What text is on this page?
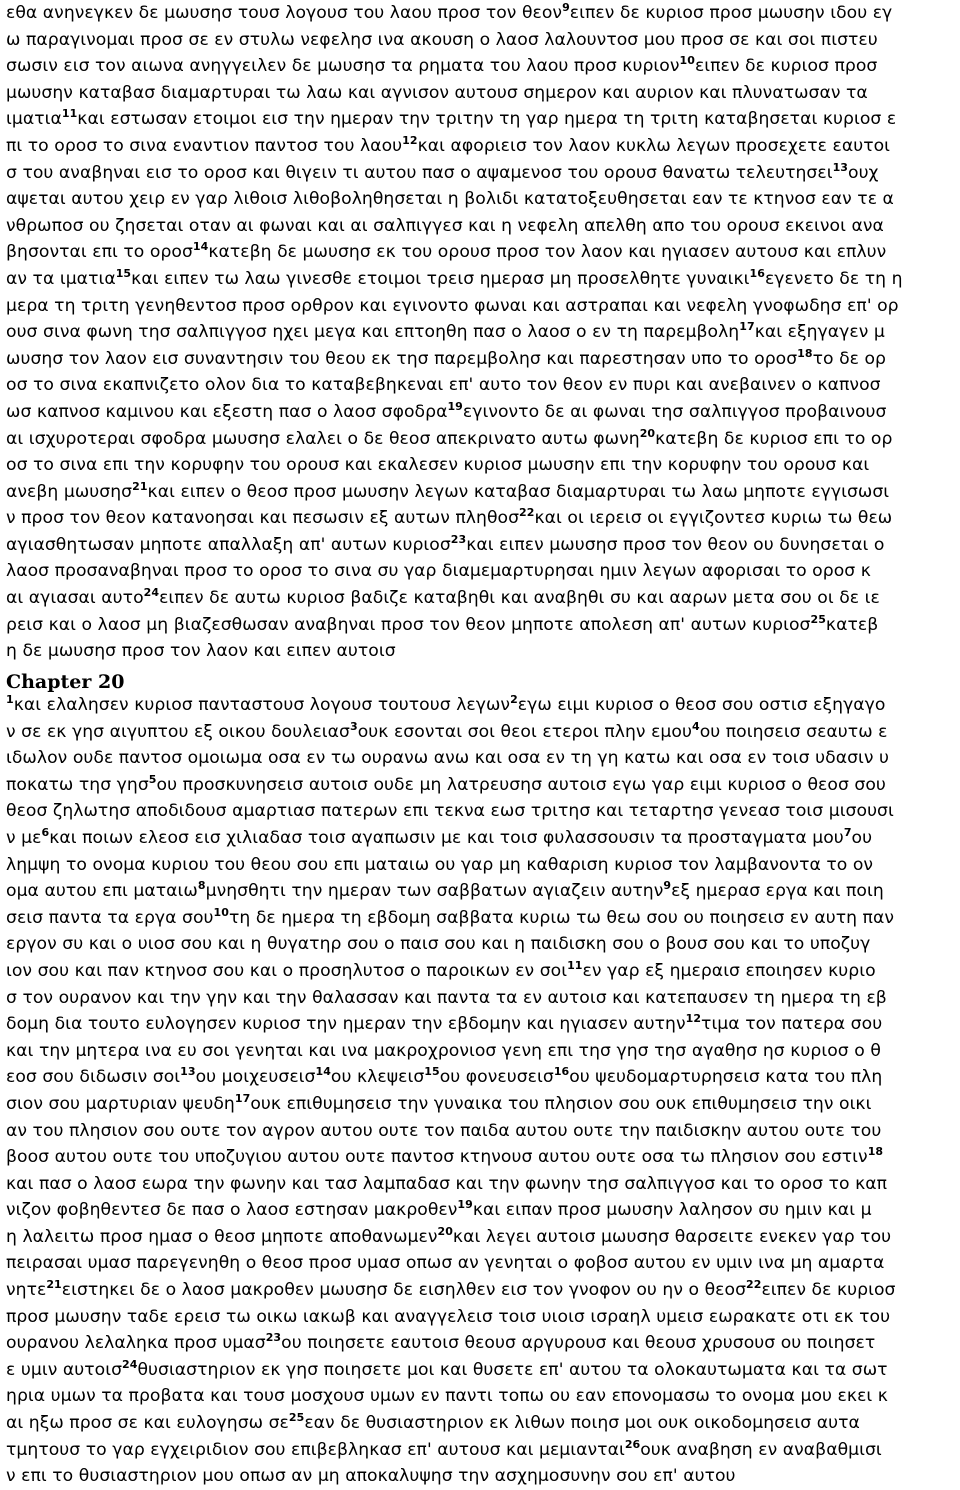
εθα ανηνεγκεν δε μωυσησ τουσ λογουσ του λαου προσ τον θεον$^9$ειπεν δε κυριοσ προσ μωυσην ιδου εγ
ω παραγινομαι προσ σε εν στυλω νεφελησ ινα ακουση ο λαοσ λαλουντοσ μου προσ σε και σοι πιστευ
σωσιν εισ τον αιωνα ανηγγειλεν δε μωυσησ τα ρηματα του λαου προσ κυριον$^{10}$ειπεν δε κυριοσ προσ
μωυσην καταβασ διαμαρτυραι τω λαω και αγνισον αυτουσ σημερον και αυριον και πλυνατωσαν τα
ιματια$^{11}$και εστωσαν ετοιμοι εισ την ημεραν την τριτην τη γαρ ημερα τη τριτη καταβησεται κυριοσ ε
πι το οροσ το σινα εναντιον παντοσ του λαου$^{12}$και αφοριεισ τον λαον κυκλω λεγων προσεχετε εαυτοι
σ του αναβηναι εισ το οροσ και θιγειν τι αυτου πασ ο αψαμενοσ του ορουσ θανατω τελευτησει$^{13}$ουχ
αψεται αυτου χειρ εν γαρ λιθοισ λιθοβοληθησεται η βολιδι κατατοξευθησεται εαν τε κτηνοσ εαν τε α
νθρωποσ ου ζησεται οταν αι φωναι και αι σαλπιγγεσ και η νεφελη απελθη απο του ορουσ εκεινοι ανα
βησονται επι το οροσ$^{14}$κατεβη δε μωυσησ εκ του ορουσ προσ τον λαον και ηγιασεν αυτουσ και επλυν
αν τα ιματια$^{15}$και ειπεν τω λαω γινεσθε ετοιμοι τρεισ ημερασ μη προσελθητε γυναικι$^{16}$εγενετο δε τη η
μερα τη τριτη γενηθεντοσ προσ ορθρον και εγινοντο φωναι και αστραπαι και νεφελη γνοφωδησ επ' ορ
ουσ σινα φωνη τησ σαλπιγγοσ ηχει μεγα και επτοηθη πασ ο λαοσ ο εν τη παρεμβολη$^{17}$και εξηγαγεν μ
ωυσησ τον λαον εισ συναντησιν του θεου εκ τησ παρεμβολησ και παρεστησαν υπο το οροσ$^{18}$το δε ορ
οσ το σινα εκαπνιζετο ολον δια το καταβεβηκεναι επ' αυτο τον θεον εν πυρι και ανεβαινεν ο καπνοσ
ωσ καπνοσ καμινου και εξεστη πασ ο λαοσ σφοδρα$^{19}$εγινοντο δε αι φωναι τησ σαλπιγγοσ προβαινουσ
αι ισχυροτεραι σφοδρα μωυσησ ελαλει ο δε θεοσ απεκρινατο αυτω φωνη$^{20}$κατεβη δε κυριοσ επι το ορ
οσ το σινα επι την κορυφην του ορουσ και εκαλεσεν κυριοσ μωυσην επι την κορυφην του ορουσ και
ανεβη μωυσησ$^{21}$και ειπεν ο θεοσ προσ μωυσην λεγων καταβασ διαμαρτυραι τω λαω μηποτε εγγισωσι
ν προσ τον θεον κατανοησαι και πεσωσιν εξ αυτων πληθοσ$^{22}$και οι ιερεισ οι εγγιζοντεσ κυριω τω θεω
αγιασθητωσαν μηποτε απαλλαξη απ' αυτων κυριοσ$^{23}$και ειπεν μωυσησ προσ τον θεον ου δυνησεται ο
λαοσ προσαναβηναι προσ το οροσ το σινα συ γαρ διαμεμαρτυρησαι ημιν λεγων αφορισαι το οροσ κ
αι αγιασαι αυτο$^{24}$ειπεν δε αυτω κυριοσ βαδιζε καταβηθι και αναβηθι συ και ααρων μετα σου οι δε ιε
ρεισ και ο λαοσ μη βιαζεσθωσαν αναβηναι προσ τον θεον μηποτε απολεση απ' αυτων κυριοσ$^{25}$κατεβ
η δε μωυσησ προσ τον λαον και ειπεν αυτοισ
Chapter 20
$^1$και ελαλησεν κυριοσ πανταστουσ λογουσ τουτουσ λεγων$^2$εγω ειμι κυριοσ ο θεοσ σου οστισ εξηγαγο
ν σε εκ γησ αιγυπτου εξ οικου δουλειασ$^3$ουκ εσονται σοι θεοι ετεροι πλην εμου$^4$ου ποιησεισ σεαυτω ε
ιδωλον ουδε παντοσ ομοιωμα οσα εν τω ουρανω ανω και οσα εν τη γη κατω και οσα εν τοισ υδασιν υ
ποκατω τησ γησ$^5$ου προσκυνησεισ αυτοισ ουδε μη λατρευσησ αυτοισ εγω γαρ ειμι κυριοσ ο θεοσ σου
θεοσ ζηλωτησ αποδιδουσ αμαρτιασ πατερων επι τεκνα εωσ τριτησ και τεταρτησ γενεασ τοισ μισουσι
ν $\mu\varepsilon^6\kappa\alpha\iota$ ποιων ελεοσ εισ χιλιαδασ τοισ αγαπωσιν με και τοισ φυλασσουσιν τα προσταγματα μου$^7$ου
λημψη το ονομα κυριου του θεου σου επι ματαιω ου γαρ μη καθαριση κυριοσ τον λαμβανοντα το ον
ομα αυτου επι ματαιω$^8$μνησθητι την ημεραν των σαββατων αγιαζειν αυτην$^9$εξ ημερασ εργα και ποιη
σεισ παντα τα εργα σου$^{10}$τη δε ημερα τη εβδομη σαββατα κυριω τω θεω σου ου ποιησεισ εν αυτη παν
εργον συ και ο υιοσ σου και η θυγατηρ σου ο παισ σου και η παιδισκη σου ο βουσ σου και το υποζυγ
ιον σου και παν κτηνοσ σου και ο προσηλυτοσ ο παροικων εν σοι$^{11}$εν γαρ εξ ημεραισ εποιησεν κυριο
σ τον ουρανον και την γην και την θαλασσαν και παντα τα εν αυτοισ και κατεπαυσεν τη ημερα τη εβ
δομη δια τουτο ευλογησεν κυριοσ την ημεραν την εβδομην και ηγιασεν αυτην$^{12}$τιμα τον πατερα σου
και την μητερα ινα ευ σοι γενηται και ινα μακροχρονιοσ γενη επι τησ γησ τησ αγαθησ ησ κυριοσ ο θ
εοσ σου διδωσιν σοι$^{13}$ου μοιχευσεισ$^{14}$ου κλεψεισ$^{15}$ου φονευσεισ$^{16}$ου ψευδομαρτυρησεισ κατα του πλη
σιον σου μαρτυριαν ψευδη$^{17}$ουκ επιθυμησεισ την γυναικα του πλησιον σου ουκ επιθυμησεισ την οικι
αν του πλησιον σου ουτε τον αγρον αυτου ουτε τον παιδα αυτου ουτε την παιδισκην αυτου ουτε του
βοοσ αυτου ουτε του υποζυγιου αυτου ουτε παντοσ κτηνουσ αυτου ουτε οσα τω πλησιον σου εστιν$^{18}$
και πασ ο λαοσ εωρα την φωνην και τασ λαμπαδασ και την φωνην τησ σαλπιγγοσ και το οροσ το καπ
νιζον φοβηθεντεσ δε πασ ο λαοσ εστησαν μακροθεν$^{19}$και ειπαν προσ μωυσην λαλησον συ ημιν και μ
η λαλειτω προσ ημασ ο θεοσ μηποτε αποθανωμεν$^{20}$και λεγει αυτοισ μωυσησ θαρσειτε ενεκεν γαρ του
πειρασαι υμασ παρεγενηθη ο θεοσ προσ υμασ οπωσ αν γενηται ο φοβοσ αυτου εν υμιν ινα μη αμαρτα
νητε$^{21}$ειστηκει δε ο λαοσ μακροθεν μωυσησ δε εισηλθεν εισ τον γνοφον ου ην ο θεοσ$^{22}$ειπεν δε κυριοσ
προσ μωυσην ταδε ερεισ τω οικω ιακωβ και αναγγελεισ τοισ υιοισ ισραηλ υμεισ εωρακατε οτι εκ του
ουρανου λελαληκα προσ υμασ$^{23}$ου ποιησετε εαυτοισ θεουσ αργυρουσ και θεουσ χρυσουσ ου ποιησετ
ε υμιν αυτοισ$^{24}$θυσιαστηριον εκ γησ ποιησετε μοι και θυσετε επ' αυτου τα ολοκαυτωματα και τα σωτ
ηρια υμων τα προβατα και τουσ μοσχουσ υμων εν παντι τοπω ου εαν επονομασω το ονομα μου εκει κ
αι ηξω προσ σε και ευλογησω $\sigma\varepsilon^{25}\varepsilon\alpha\nu$ δε θυσιαστηριον εκ λιθων ποιησ μοι ουκ οικοδομησεισ αυτα
τμητουσ το γαρ εγχειριδιον σου επιβεβληκασ επ' αυτουσ και μεμιανται$^{26}$ουκ αναβηση εν αναβαθμισι
ν επι το θυσιαστηριον μου οπωσ αν μη αποκαλυψησ την ασχημοσυνην σου επ' αυτου
